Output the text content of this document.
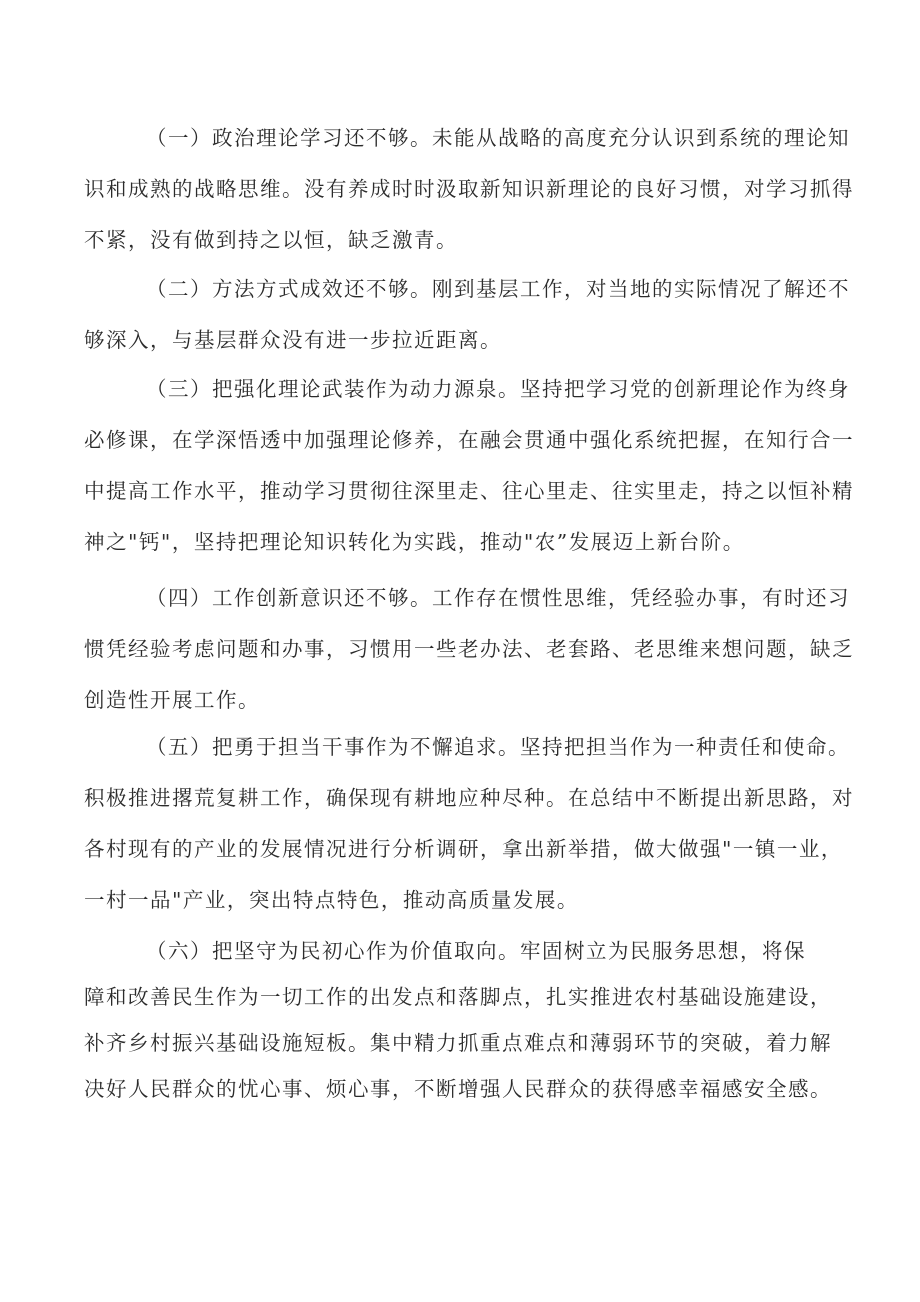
（一）政治理论学习还不够。未能从战略的高度充分认识到系统的理论知
识和成熟的战略思维。没有养成时时汲取新知识新理论的良好习惯，对学习抓得
不紧，没有做到持之以恒，缺乏激青。
（二）方法方式成效还不够。刚到基层工作，对当地的实际情况了解还不
够深入，与基层群众没有进一步拉近距离。
（三）把强化理论武装作为动力源泉。坚持把学习党的创新理论作为终身
必修课，在学深悟透中加强理论修养，在融会贯通中强化系统把握，在知行合一
中提高工作水平，推动学习贯彻往深里走、往心里走、往实里走，持之以恒补精
神之"钙"，坚持把理论知识转化为实践，推动"农”发展迈上新台阶。
（四）工作创新意识还不够。工作存在惯性思维，凭经验办事，有时还习
惯凭经验考虑问题和办事，习惯用一些老办法、老套路、老思维来想问题，缺乏
创造性开展工作。
（五）把勇于担当干事作为不懈追求。坚持把担当作为一种责任和使命。
积极推进撂荒复耕工作，确保现有耕地应种尽种。在总结中不断提出新思路，对
各村现有的产业的发展情况进行分析调研，拿出新举措，做大做强"一镇一业，
一村一品"产业，突出特点特色，推动高质量发展。
（六）把坚守为民初心作为价值取向。牢固树立为民服务思想，将保
障和改善民生作为一切工作的出发点和落脚点，扎实推进农村基础设施建设，
补齐乡村振兴基础设施短板。集中精力抓重点难点和薄弱环节的突破，着力解
决好人民群众的忧心事、烦心事，不断增强人民群众的获得感幸福感安全感。
